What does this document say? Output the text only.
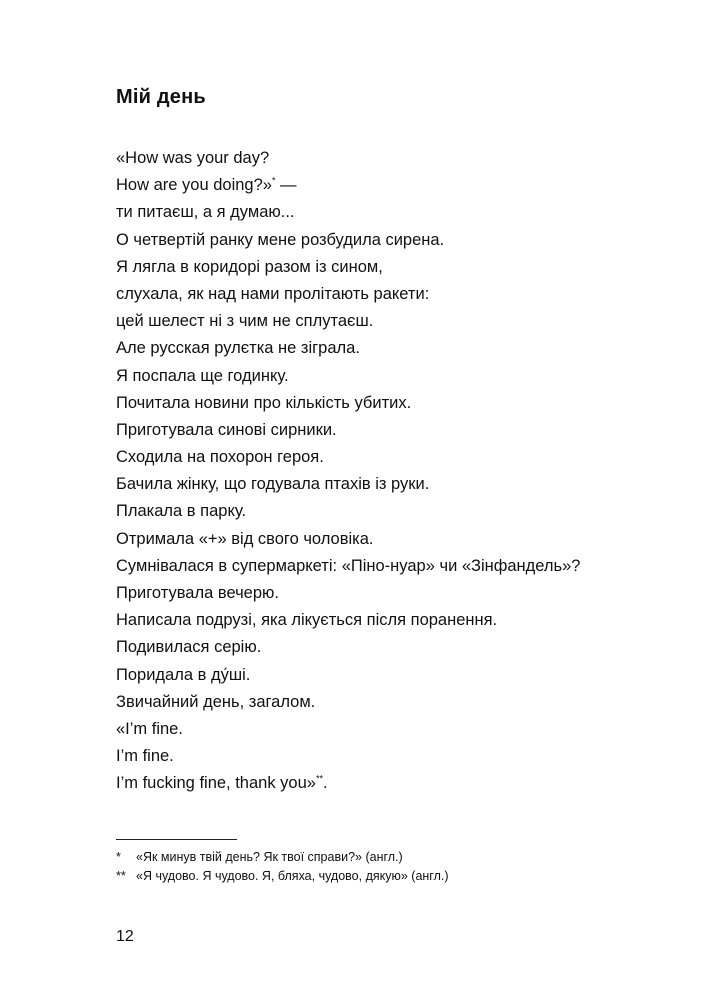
Мій день
«How was your day?
How are you doing?»* —
ти питаєш, а я думаю...
О четвертій ранку мене розбудила сирена.
Я лягла в коридорі разом із сином,
слухала, як над нами пролітають ракети:
цей шелест ні з чим не сплутаєш.
Але русская рулєтка не зіграла.
Я поспала ще годинку.
Почитала новини про кількість убитих.
Приготувала синові сирники.
Сходила на похорон героя.
Бачила жінку, що годувала птахів із руки.
Плакала в парку.
Отримала «+» від свого чоловіка.
Сумнівалася в супермаркеті: «Піно-нуар» чи «Зінфандель»?
Приготувала вечерю.
Написала подрузі, яка лікується після поранення.
Подивилася серію.
Поридала в ду́ші.
Звичайний день, загалом.
«I’m fine.
I’m fine.
I’m fucking fine, thank you»**.
* «Як минув твій день? Як твої справи?» (англ.)
** «Я чудово. Я чудово. Я, бляха, чудово, дякую» (англ.)
12
